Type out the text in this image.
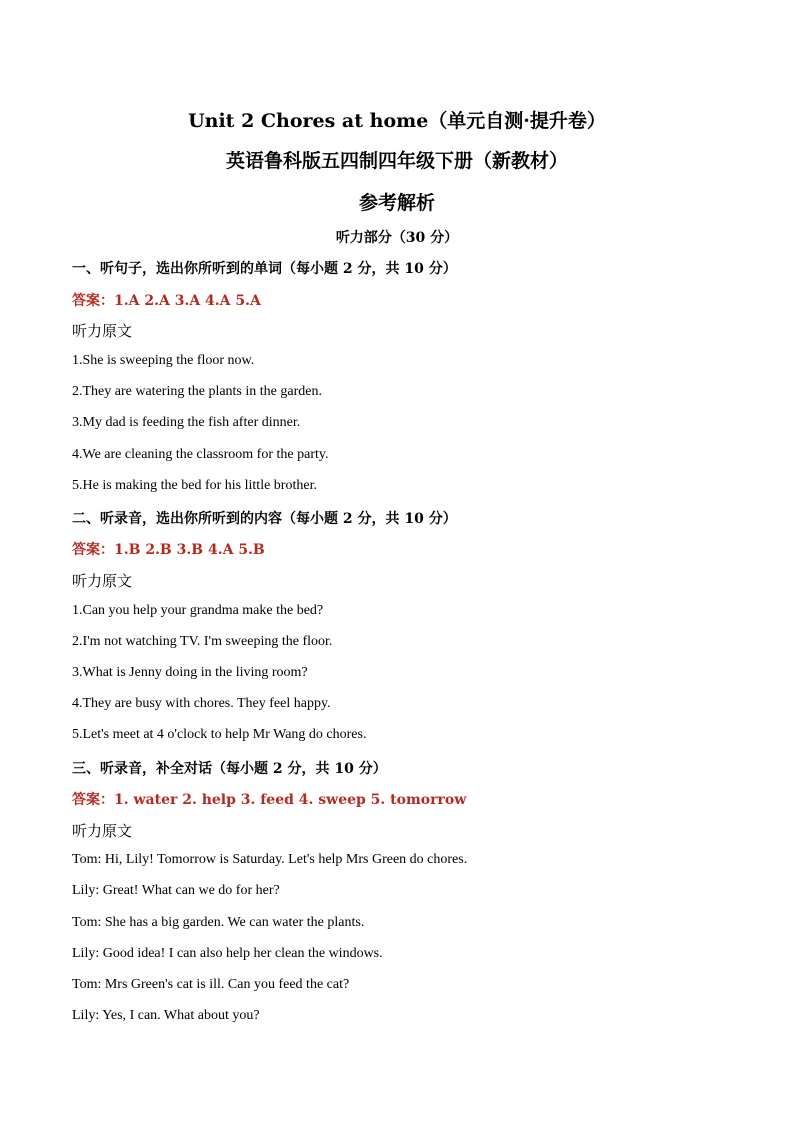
Unit 2 Chores at home（单元自测·提升卷）
英语鲁科版五四制四年级下册（新教材）
参考解析
听力部分（30 分）
一、听句子，选出你所听到的单词（每小题 2 分，共 10 分）
答案：1.A 2.A 3.A 4.A 5.A
听力原文
1.She is sweeping the floor now.
2.They are watering the plants in the garden.
3.My dad is feeding the fish after dinner.
4.We are cleaning the classroom for the party.
5.He is making the bed for his little brother.
二、听录音，选出你所听到的内容（每小题 2 分，共 10 分）
答案：1.B 2.B 3.B 4.A 5.B
听力原文
1.Can you help your grandma make the bed?
2.I'm not watching TV. I'm sweeping the floor.
3.What is Jenny doing in the living room?
4.They are busy with chores. They feel happy.
5.Let's meet at 4 o'clock to help Mr Wang do chores.
三、听录音，补全对话（每小题 2 分，共 10 分）
答案：1. water 2. help 3. feed 4. sweep 5. tomorrow
听力原文
Tom: Hi, Lily! Tomorrow is Saturday. Let's help Mrs Green do chores.
Lily: Great! What can we do for her?
Tom: She has a big garden. We can water the plants.
Lily: Good idea! I can also help her clean the windows.
Tom: Mrs Green's cat is ill. Can you feed the cat?
Lily: Yes, I can. What about you?
